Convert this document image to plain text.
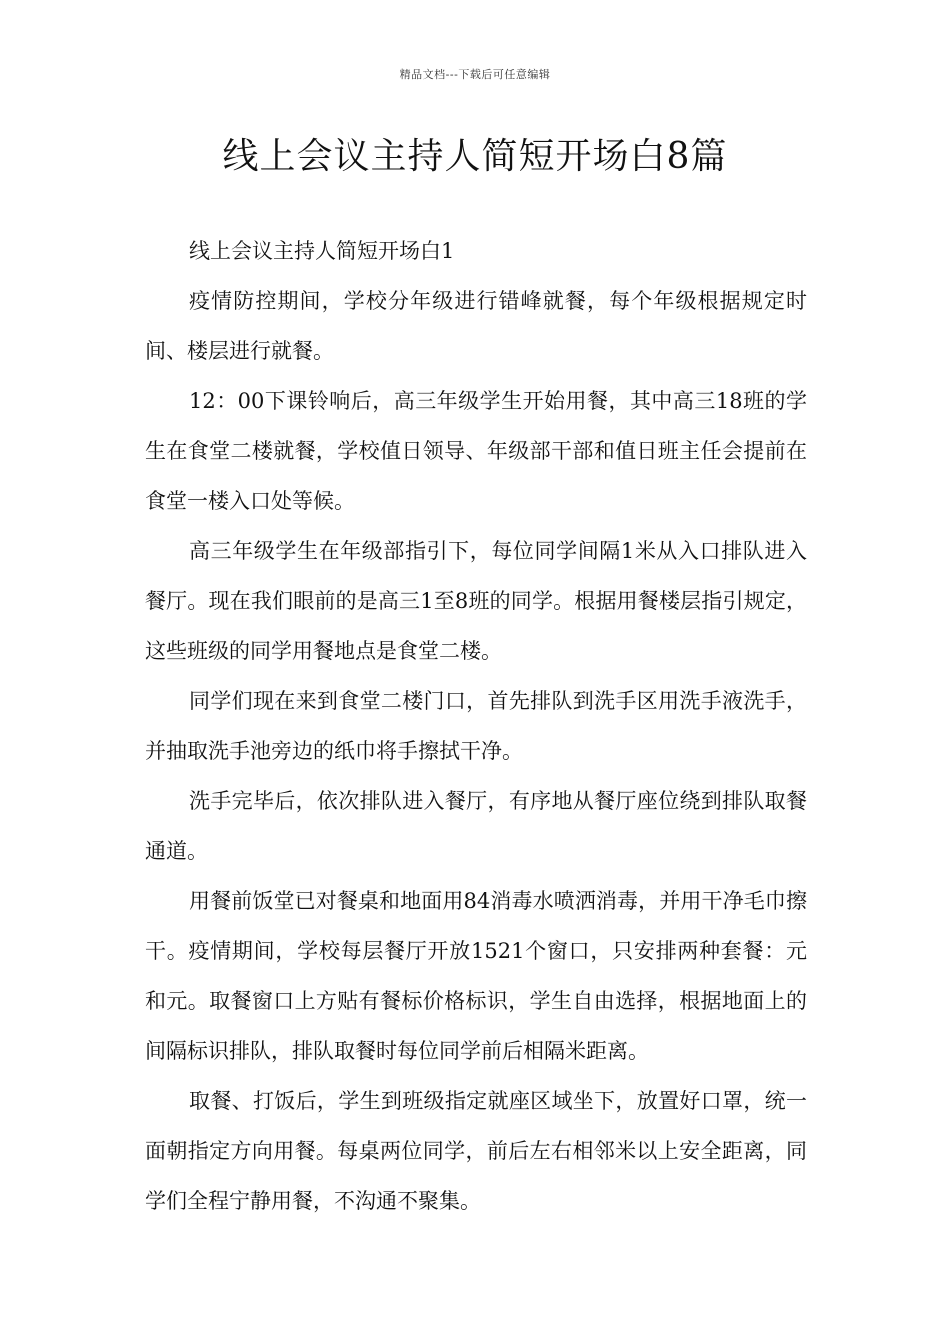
精品文档---下载后可任意编辑
线上会议主持人简短开场白8篇

线上会议主持人简短开场白1

疫情防控期间，学校分年级进行错峰就餐，每个年级根据规定时间、楼层进行就餐。

12：00下课铃响后，高三年级学生开始用餐，其中高三18班的学生在食堂二楼就餐，学校值日领导、年级部干部和值日班主任会提前在食堂一楼入口处等候。

高三年级学生在年级部指引下，每位同学间隔1米从入口排队进入餐厅。现在我们眼前的是高三1至8班的同学。根据用餐楼层指引规定，这些班级的同学用餐地点是食堂二楼。

同学们现在来到食堂二楼门口，首先排队到洗手区用洗手液洗手，并抽取洗手池旁边的纸巾将手擦拭干净。

洗手完毕后，依次排队进入餐厅，有序地从餐厅座位绕到排队取餐通道。

用餐前饭堂已对餐桌和地面用84消毒水喷洒消毒，并用干净毛巾擦干。疫情期间，学校每层餐厅开放1521个窗口，只安排两种套餐：元和元。取餐窗口上方贴有餐标价格标识，学生自由选择，根据地面上的间隔标识排队，排队取餐时每位同学前后相隔米距离。

取餐、打饭后，学生到班级指定就座区域坐下，放置好口罩，统一面朝指定方向用餐。每桌两位同学，前后左右相邻米以上安全距离，同学们全程宁静用餐，不沟通不聚集。
